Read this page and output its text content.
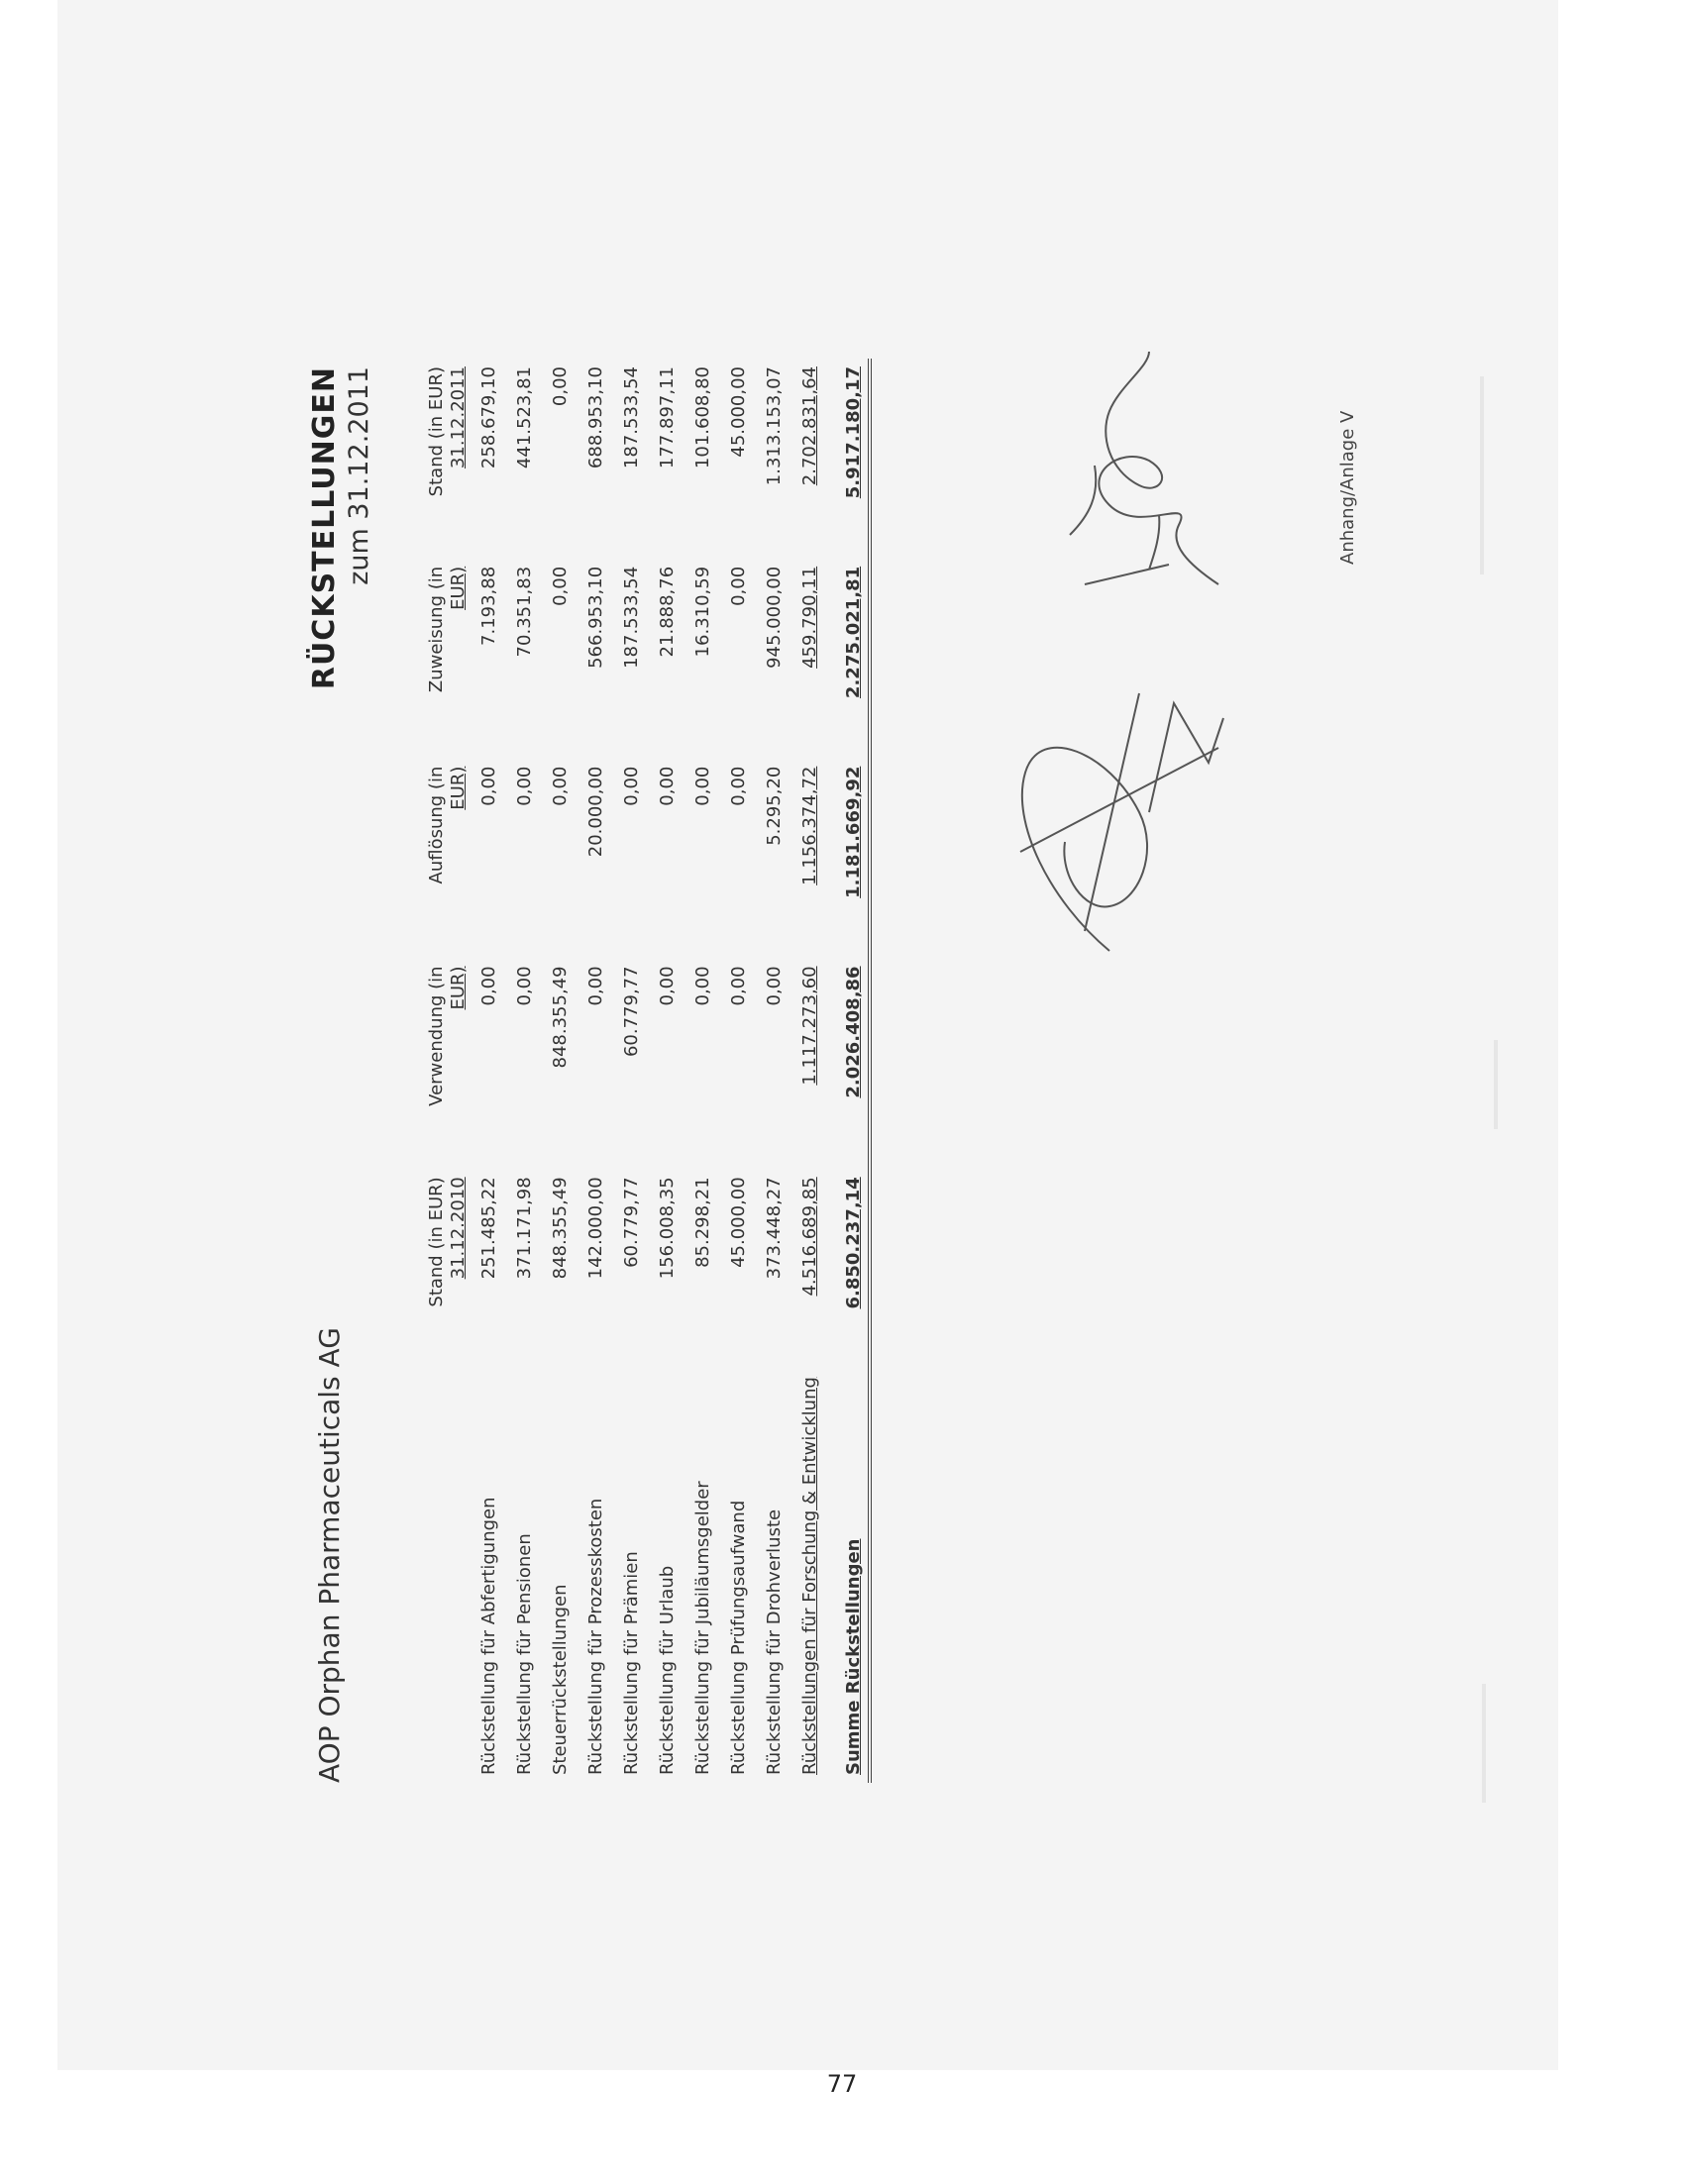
AOP Orphan Pharmaceuticals AG
RÜCKSTELLUNGEN zum 31.12.2011

	Stand (in EUR) 31.12.2010	Verwendung (in EUR)	Auflösung (in EUR)	Zuweisung (in EUR)	Stand (in EUR) 31.12.2011

Rückstellung für Abfertigungen	251.485,22	0,00	0,00	7.193,88	258.679,10
Rückstellung für Pensionen	371.171,98	0,00	0,00	70.351,83	441.523,81
Steuerrückstellungen	848.355,49	848.355,49	0,00	0,00	0,00
Rückstellung für Prozesskosten	142.000,00	0,00	20.000,00	566.953,10	688.953,10
Rückstellung für Prämien	60.779,77	60.779,77	0,00	187.533,54	187.533,54
Rückstellung für Urlaub	156.008,35	0,00	0,00	21.888,76	177.897,11
Rückstellung für Jubiläumsgelder	85.298,21	0,00	0,00	16.310,59	101.608,80
Rückstellung Prüfungsaufwand	45.000,00	0,00	0,00	0,00	45.000,00
Rückstellung für Drohverluste	373.448,27	0,00	5.295,20	945.000,00	1.313.153,07
Rückstellungen für Forschung & Entwicklung	4.516.689,85	1.117.273,60	1.156.374,72	459.790,11	2.702.831,64
Summe Rückstellungen	6.850.237,14	2.026.408,86	1.181.669,92	2.275.021,81	5.917.180,17	Anhang/Anlage V
77
